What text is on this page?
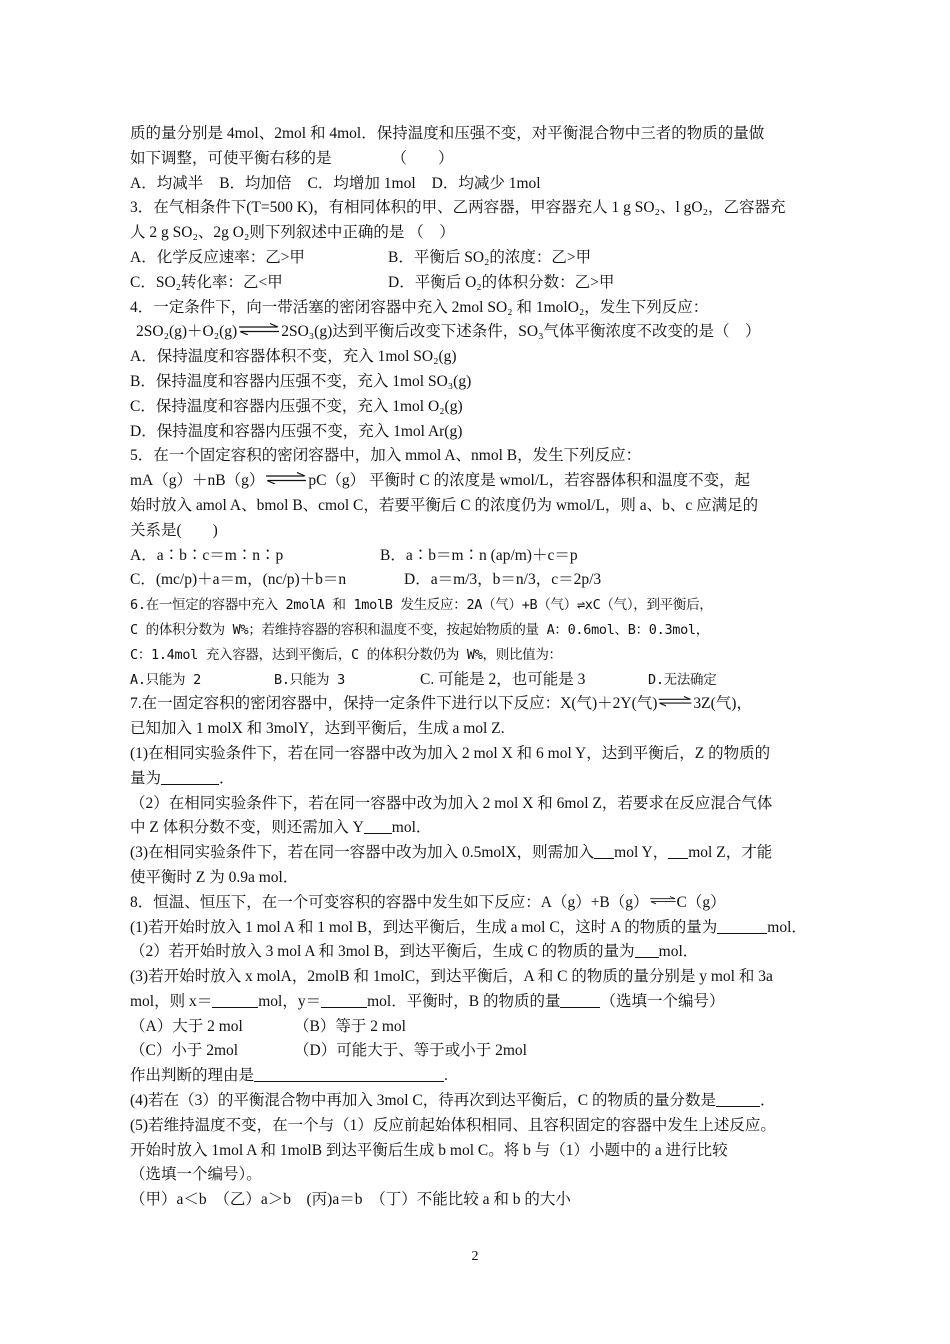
质的量分别是 4mol、2mol 和 4mol．保持温度和压强不变，对平衡混合物中三者的物质的量做
如下调整，可使平衡右移的是	（　　）
A．均减半 B．均加倍 C．均增加 1mol D．均减少 1mol
3．在气相条件下(T=500 K)，有相同体积的甲、乙两容器，甲容器充人 1 g SO₂、l gO₂，乙容器充
人 2 g SO₂、2g O₂则下列叙述中正确的是 （　）
A．化学反应速率：乙>甲	B．平衡后 SO₂的浓度：乙>甲
C．SO₂转化率：乙<甲	D．平衡后 O₂的体积分数：乙>甲
4．一定条件下，向一带活塞的密闭容器中充入 2mol SO₂ 和 1molO₂，发生下列反应：
2SO₂(g)＋O₂(g)⇌2SO₃(g)达到平衡后改变下述条件，SO₃气体平衡浓度不改变的是（　）
A．保持温度和容器体积不变，充入 1mol SO₂(g)
B．保持温度和容器内压强不变，充入 1mol SO₃(g)
C．保持温度和容器内压强不变，充入 1mol O₂(g)
D．保持温度和容器内压强不变，充入 1mol Ar(g)
5．在一个固定容积的密闭容器中，加入 mmol A、nmol B，发生下列反应：
mA（g）＋nB（g）⇌pC（g） 平衡时 C 的浓度是 wmol/L，若容器体积和温度不变，起
始时放入 amol A、bmol B、cmol C，若要平衡后 C 的浓度仍为 wmol/L，则 a、b、c 应满足的
关系是(　　)
A．a∶b∶c＝m∶n∶p	B．a∶b＝m∶n (ap/m)＋c＝p
C．(mc/p)＋a＝m，(nc/p)＋b＝n	D．a＝m/3，b＝n/3，c＝2p/3
6.在一恒定的容器中充入 2molA 和 1molB 发生反应：2A（气）+B（气）⇌xC（气），到平衡后，
C 的体积分数为 W%；若维持容器的容积和温度不变，按起始物质的量 A：0.6mol、B：0.3mol，
C：1.4mol 充入容器，达到平衡后，C 的体积分数仍为 W%，则比值为：
A.只能为 2	B.只能为 3	C. 可能是 2，也可能是 3	D.无法确定
7.在一固定容积的密闭容器中，保持一定条件下进行以下反应：X(气)＋2Y(气)⇌3Z(气)，
已知加入 1 molX 和 3molY，达到平衡后，生成 a mol Z.
(1)在相同实验条件下，若在同一容器中改为加入 2 mol X 和 6 mol Y，达到平衡后，Z 的物质的
量为	．
（2）在相同实验条件下，若在同一容器中改为加入 2 mol X 和 6mol Z，若要求在反应混合气体
中 Z 体积分数不变，则还需加入 Y mol．
(3)在相同实验条件下，若在同一容器中改为加入 0.5molX，则需加入 mol Y， mol Z，才能
使平衡时 Z 为 0.9a mol．
8．恒温、恒压下，在一个可变容积的容器中发生如下反应：A（g）+B（g）⇌C（g）
(1)若开始时放入 1 mol A 和 1 mol B，到达平衡后，生成 a mol C，这时 A 的物质的量为	mol．
（2）若开始时放入 3 mol A 和 3mol B，到达平衡后，生成 C 的物质的量为 mol．
(3)若开始时放入 x molA，2molB 和 1molC，到达平衡后，A 和 C 的物质的量分别是 y mol 和 3a
mol，则 x＝	mol，y＝	mol．平衡时，B 的物质的量	（选填一个编号）
（A）大于 2 mol	（B）等于 2 mol
（C）小于 2mol	（D）可能大于、等于或小于 2mol
作出判断的理由是	.
(4)若在（3）的平衡混合物中再加入 3mol C，待再次到达平衡后，C 的物质的量分数是	．
(5)若维持温度不变，在一个与（1）反应前起始体积相同、且容积固定的容器中发生上述反应。
开始时放入 1mol A 和 1molB 到达平衡后生成 b mol C。将 b 与（1）小题中的 a 进行比较
（选填一个编号）。
（甲）a＜b　（乙）a＞b　(丙)a＝b　（丁）不能比较 a 和 b 的大小
2
